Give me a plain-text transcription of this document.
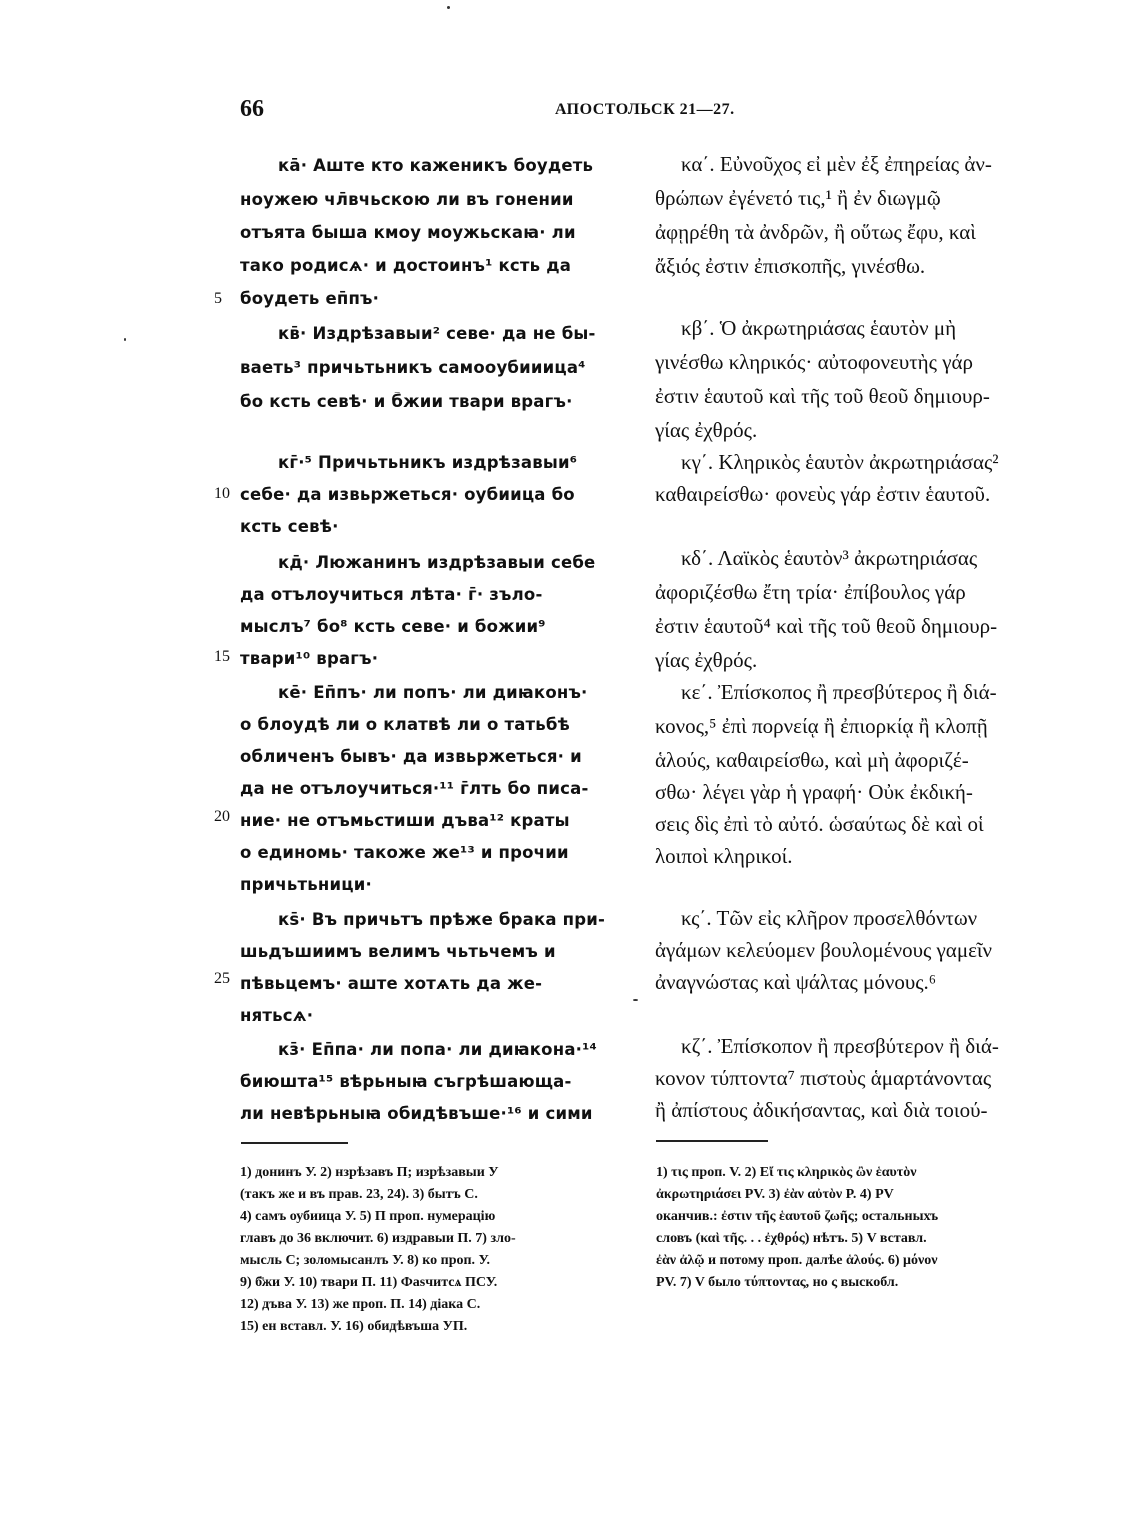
66	АПОСТОЛЬСК 21—27.
5
10
15
20
25
кā· Аште кто каженикъ боудеть
ноужею чл̄вчьскою ли въ гонении
отъята быша кмоу моужьскаꙗ· ли
тако родисѧ· и достоинъ¹ ксть да
боудеть еп̄пъ·
кв̄· Издрѣзавыи² севе· да не бы-
ваеть³ причьтьникъ самооубииица⁴
бо ксть севѣ· и б̄жии твари врагъ·
кг̄·⁵ Причьтьникъ издрѣзавыи⁶
себе· да извьржеться· оубиица бо
ксть севѣ·
кд̄· Люжанинъ издрѣзавыи себе
да отълоучиться лѣта· г̄· зъло-
мыслъ⁷ бо⁸ ксть севе· и божии⁹
твари¹⁰ врагъ·
ке̄· Еп̄пъ· ли попъ· ли диꙗконъ·
о блоудѣ ли о клатвѣ ли о татьбѣ
обличенъ бывъ· да извьржеться· и
да не отълоучиться·¹¹ г̄лть бо писа-
ние· не отъмьстиши дъва¹² краты
о единомь· такоже же¹³ и прочии
причьтьници·
кѕ̄· Въ причьтъ прѣже брака при-
шьдъшиимъ велимъ чьтьчемъ и
пѣвьцемъ· аште хотѧть да же-
нятьсѧ·
кз̄· Еп̄па· ли попа· ли диꙗкона·¹⁴
биюшта¹⁵ вѣрьныꙗ съгрѣшающа-
ли невѣрьныꙗ обидѣвъше·¹⁶ и сими
κα΄. Εὐνοῦχος εἰ μὲν ἐξ ἐπηρείας ἀν-
θρώπων ἐγένετό τις,¹ ἢ ἐν διωγμῷ
ἀφῃρέθη τὰ ἀνδρῶν, ἢ οὕτως ἔφυ, καὶ
ἄξιός ἐστιν ἐπισκοπῆς, γινέσθω.
κβ΄. Ὁ ἀκρωτηριάσας ἑαυτὸν μὴ
γινέσθω κληρικός· αὐτοφονευτὴς γάρ
ἐστιν ἑαυτοῦ καὶ τῆς τοῦ θεοῦ δημιουρ-
γίας ἐχθρός.
κγ΄. Κληρικὸς ἑαυτὸν ἀκρωτηριάσας²
καθαιρείσθω· φονεὺς γάρ ἐστιν ἑαυτοῦ.
κδ΄. Λαϊκὸς ἑαυτὸν³ ἀκρωτηριάσας
ἀφοριζέσθω ἔτη τρία· ἐπίβουλος γάρ
ἐστιν ἑαυτοῦ⁴ καὶ τῆς τοῦ θεοῦ δημιουρ-
γίας ἐχθρός.
κε΄. Ἐπίσκοπος ἢ πρεσβύτερος ἢ διά-
κονος,⁵ ἐπὶ πορνείᾳ ἢ ἐπιορκίᾳ ἢ κλοπῇ
ἁλούς, καθαιρείσθω, καὶ μὴ ἀφοριζέ-
σθω· λέγει γὰρ ἡ γραφή· Οὐκ ἐκδική-
σεις δὶς ἐπὶ τὸ αὐτό. ὡσαύτως δὲ καὶ οἱ
λοιποὶ κληρικοί.
κς΄. Τῶν εἰς κλῆρον προσελθόντων
ἀγάμων κελεύομεν βουλομένους γαμεῖν
ἀναγνώστας καὶ ψάλτας μόνους.⁶
κζ΄. Ἐπίσκοπον ἢ πρεσβύτερον ἢ διά-
κονον τύπτοντα⁷ πιστοὺς ἁμαρτάνοντας
ἢ ἀπίστους ἀδικήσαντας, καὶ διὰ τοιού-
1) донинъ У. 2) нзрѣзавъ П; изрѣзавыи У
(такъ же и въ прав. 23, 24). 3) бытъ С.
4) самъ оубиица У. 5) П проп. нумерацію
главъ до 36 включит. 6) издравыи П. 7) зло-
мысль С; золомысанлъ У. 8) ко проп. У.
9) б̄жи У. 10) твари П. 11) Фаѕчитсѧ ПСУ.
12) дъва У. 13) же проп. П. 14) дiака С.
15) ен вставл. У. 16) обидѣвъша УП.
1) τις проп. V. 2) Εἴ τις κληρικὸς ὢν ἑαυτὸν
ἀκρωτηριάσει PV. 3) ἐὰν αὐτὸν P. 4) PV
оканчив.: ἐστιν τῆς ἑαυτοῦ ζωῆς; остальныхъ
словъ (καὶ τῆς. . . ἐχθρός) нѣтъ. 5) V вставл.
ἐὰν ἀλῷ и потому проп. далѣе ἁλούς. 6) μόνον
PV. 7) V было τύπτοντας, но ς выскобл.
